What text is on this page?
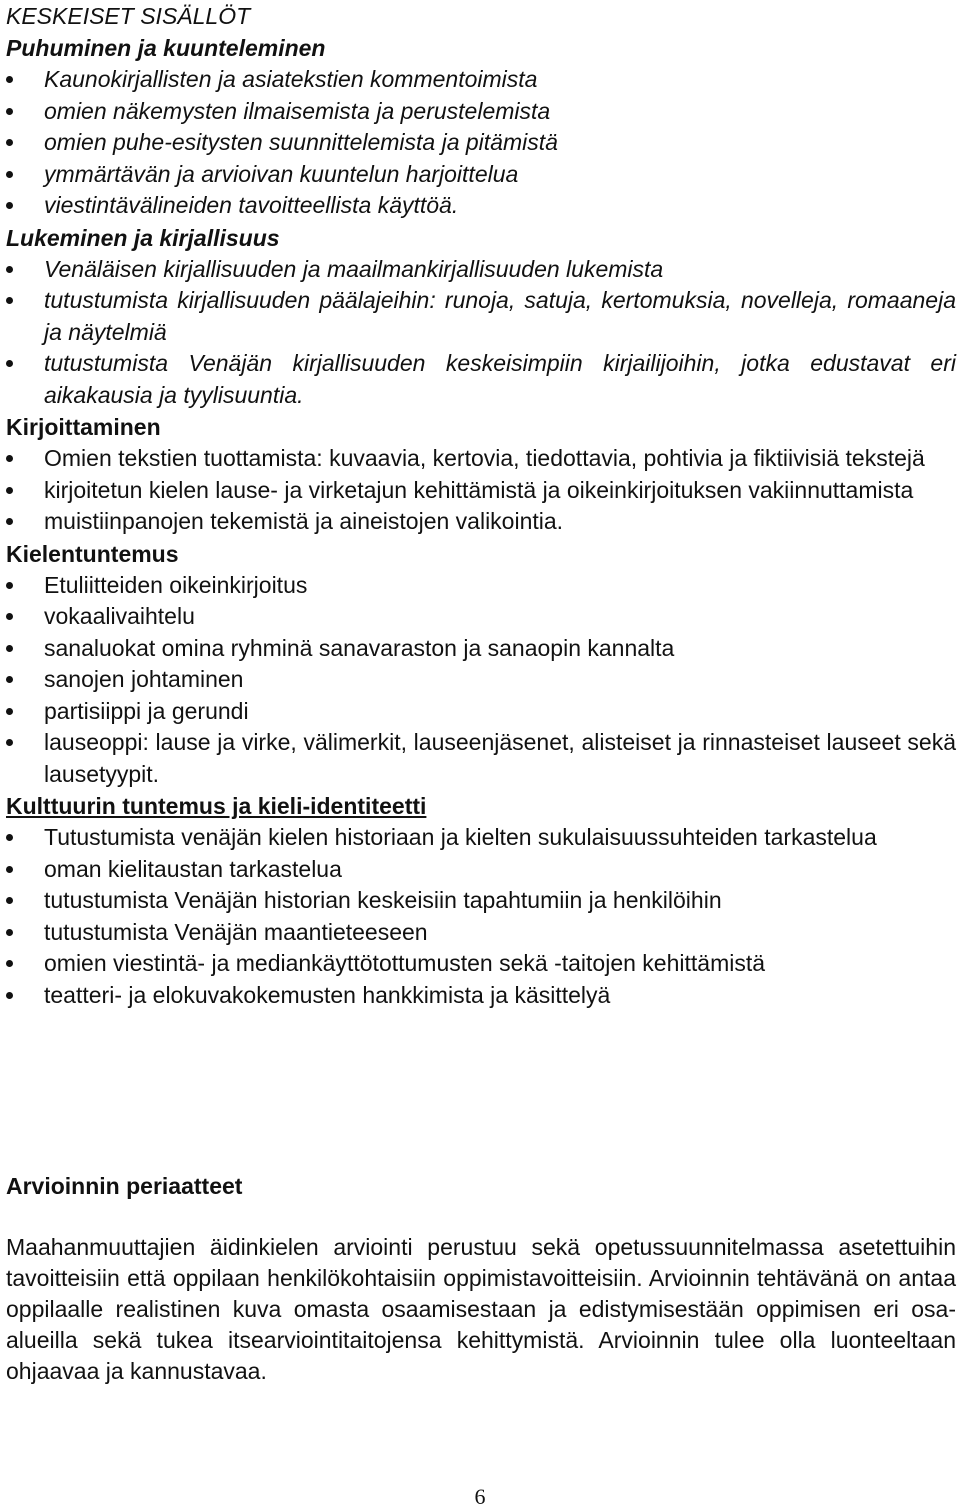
KESKEISET SISÄLLÖT

Puhuminen ja kuunteleminen

Kaunokirjallisten ja asiatekstien kommentoimista
omien näkemysten ilmaisemista ja perustelemista
omien puhe-esitysten suunnittelemista ja pitämistä
ymmärtävän ja arvioivan kuuntelun harjoittelua
viestintävälineiden tavoitteellista käyttöä.

Lukeminen ja kirjallisuus

Venäläisen kirjallisuuden ja maailmankirjallisuuden lukemista
tutustumista kirjallisuuden päälajeihin: runoja, satuja, kertomuksia, novelleja, romaaneja ja näytelmiä
tutustumista Venäjän kirjallisuuden keskeisimpiin kirjailijoihin, jotka edustavat eri aikakausia ja tyylisuuntia.

Kirjoittaminen

Omien tekstien tuottamista: kuvaavia, kertovia, tiedottavia, pohtivia ja fiktiivisiä tekstejä
kirjoitetun kielen lause- ja virketajun kehittämistä ja oikeinkirjoituksen vakiinnuttamista
muistiinpanojen tekemistä ja aineistojen valikointia.

Kielentuntemus

Etuliitteiden oikeinkirjoitus
vokaalivaihtelu
sanaluokat omina ryhminä sanavaraston ja sanaopin kannalta
sanojen johtaminen
partisiippi ja gerundi
lauseoppi: lause ja virke, välimerkit, lauseenjäsenet, alisteiset ja rinnasteiset lauseet sekä lausetyypit.

Kulttuurin tuntemus ja kieli-identiteetti

Tutustumista venäjän kielen historiaan ja kielten sukulaisuussuhteiden tarkastelua
oman kielitaustan tarkastelua
tutustumista Venäjän historian keskeisiin tapahtumiin ja henkilöihin
tutustumista Venäjän maantieteeseen
omien viestintä- ja mediankäyttötottumusten sekä -taitojen kehittämistä
teatteri- ja elokuvakokemusten hankkimista ja käsittelyä

Arvioinnin periaatteet

Maahanmuuttajien äidinkielen arviointi perustuu sekä opetussuunnitelmassa asetettuihin tavoitteisiin että oppilaan henkilökohtaisiin oppimistavoitteisiin. Arvioinnin tehtävänä on antaa oppilaalle realistinen kuva omasta osaamisestaan ja edistymisestään oppimisen eri osa-alueilla sekä tukea itsearviointitaitojensa kehittymistä. Arvioinnin tulee olla luonteeltaan ohjaavaa ja kannustavaa.

6
